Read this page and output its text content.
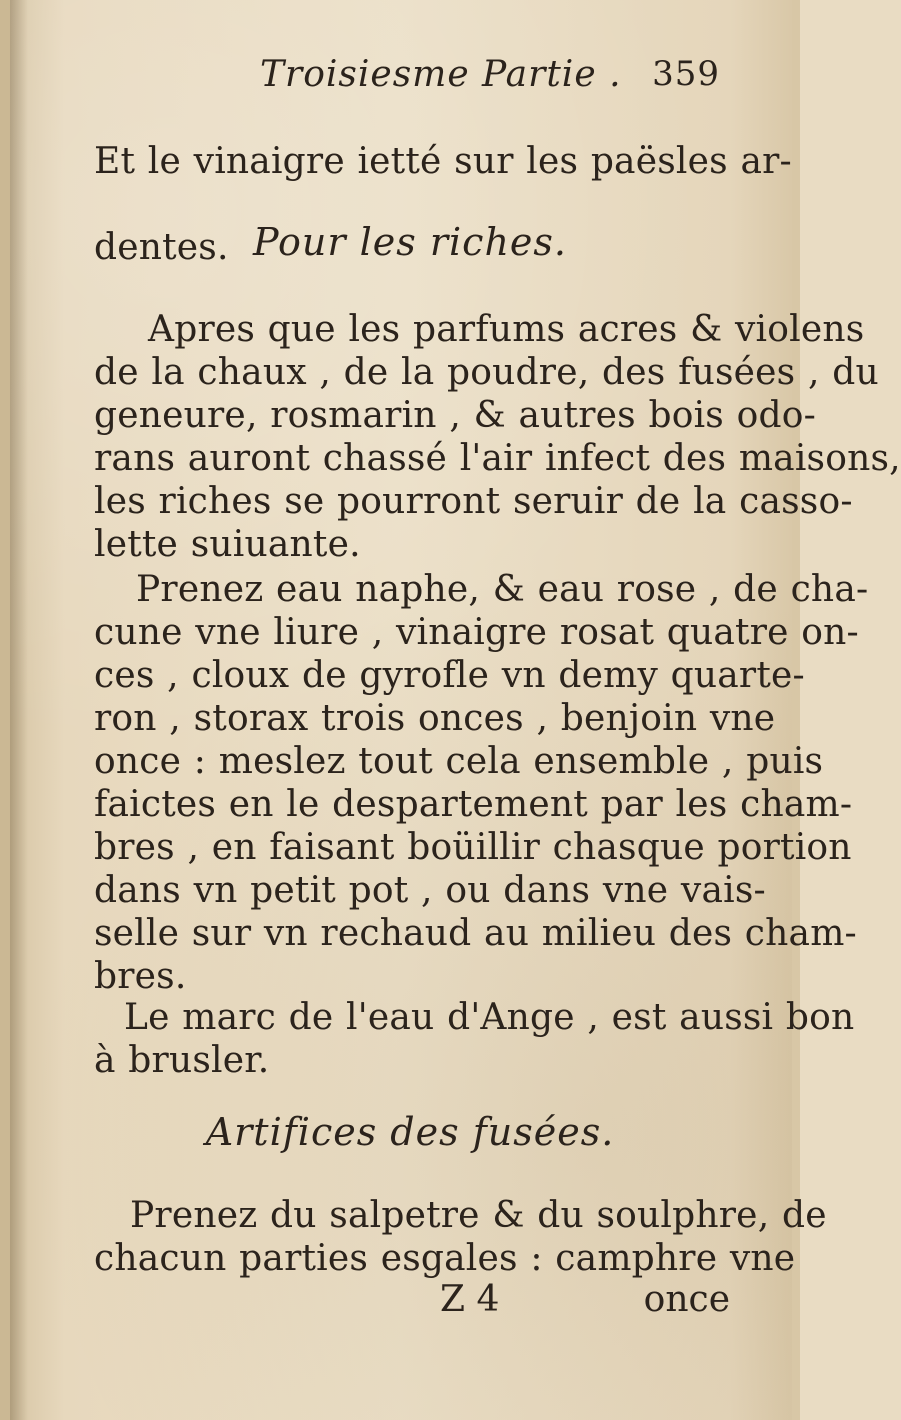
Troisiesme Partie . 359

Et le vinaigre ietté sur les paësles ar-

dentes. Pour les riches.
Apres que les parfums acres & violens
de la chaux , de la poudre, des fusées , du
geneure, rosmarin , & autres bois odo-
rans auront chassé l'air infect des maisons,
les riches se pourront seruir de la casso-
lette suiuante.
Prenez eau naphe, & eau rose , de cha-
cune vne liure , vinaigre rosat quatre on-
ces , cloux de gyrofle vn demy quarte-
ron , storax trois onces , benjoin vne
once : meslez tout cela ensemble , puis
faictes en le despartement par les cham-
bres , en faisant boüillir chasque portion
dans vn petit pot , ou dans vne vais-
selle sur vn rechaud au milieu des cham-
bres.
Le marc de l'eau d'Ange , est aussi bon
à brusler.
Artifices des fusées.
Prenez du salpetre & du soulphre, de
chacun parties esgales : camphre vne
Z 4	once
